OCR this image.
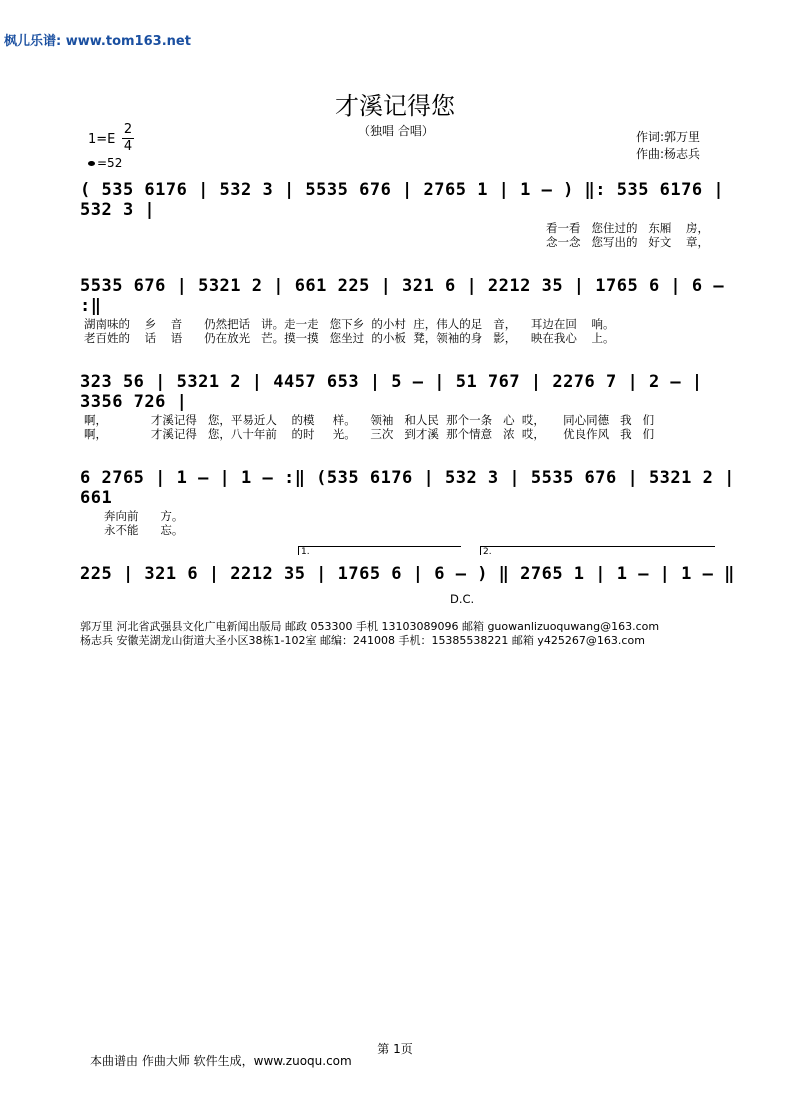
枫儿乐谱: www.tom163.net
才溪记得您
（独唱 合唱）	作词:郭万里
作曲:杨志兵
1=E
2
4
=52
( 535 6176 | 532 3 | 5535 676 | 2765 1 | 1 – ) ‖: 535 6176 | 532 3 |
看一看   您住过的   东厢    房，
念一念   您写出的   好文    章，
5535 676 | 5321 2 | 661 225 | 321 6 | 2212 35 | 1765 6 | 6 – :‖
湖南味的    乡    音      仍然把话   讲。走一走   您下乡  的小村  庄，伟人的足   音，    耳边在回    响。
老百姓的    话    语      仍在放光   芒。摸一摸   您坐过  的小板  凳，领袖的身   影，    映在我心    上。
323 56 | 5321 2 | 4457 653 | 5 – | 51 767 | 2276 7 | 2 – | 3356 726 |
啊，            才溪记得   您，平易近人    的模     样。    领袖   和人民  那个一条   心  哎，     同心同德   我   们
啊，            才溪记得   您，八十年前    的时     光。    三次   到才溪  那个情意   浓  哎，     优良作风   我   们
6 2765 | 1 – | 1 – :‖ (535 6176 | 532 3 | 5535 676 | 5321 2 | 661
奔向前      方。
永不能      忘。
1.	2.
225 | 321 6 | 2212 35 | 1765 6 | 6 – ) ‖ 2765 1 | 1 – | 1 – ‖
D.C.
郭万里 河北省武强县文化广电新闻出版局 邮政 053300 手机 13103089096 邮箱 guowanlizuoquwang@163.com
杨志兵 安徽芜湖龙山街道大圣小区38栋1-102室 邮编：241008 手机：15385538221 邮箱 y425267@163.com
第 1页
本曲谱由 作曲大师 软件生成，www.zuoqu.com
